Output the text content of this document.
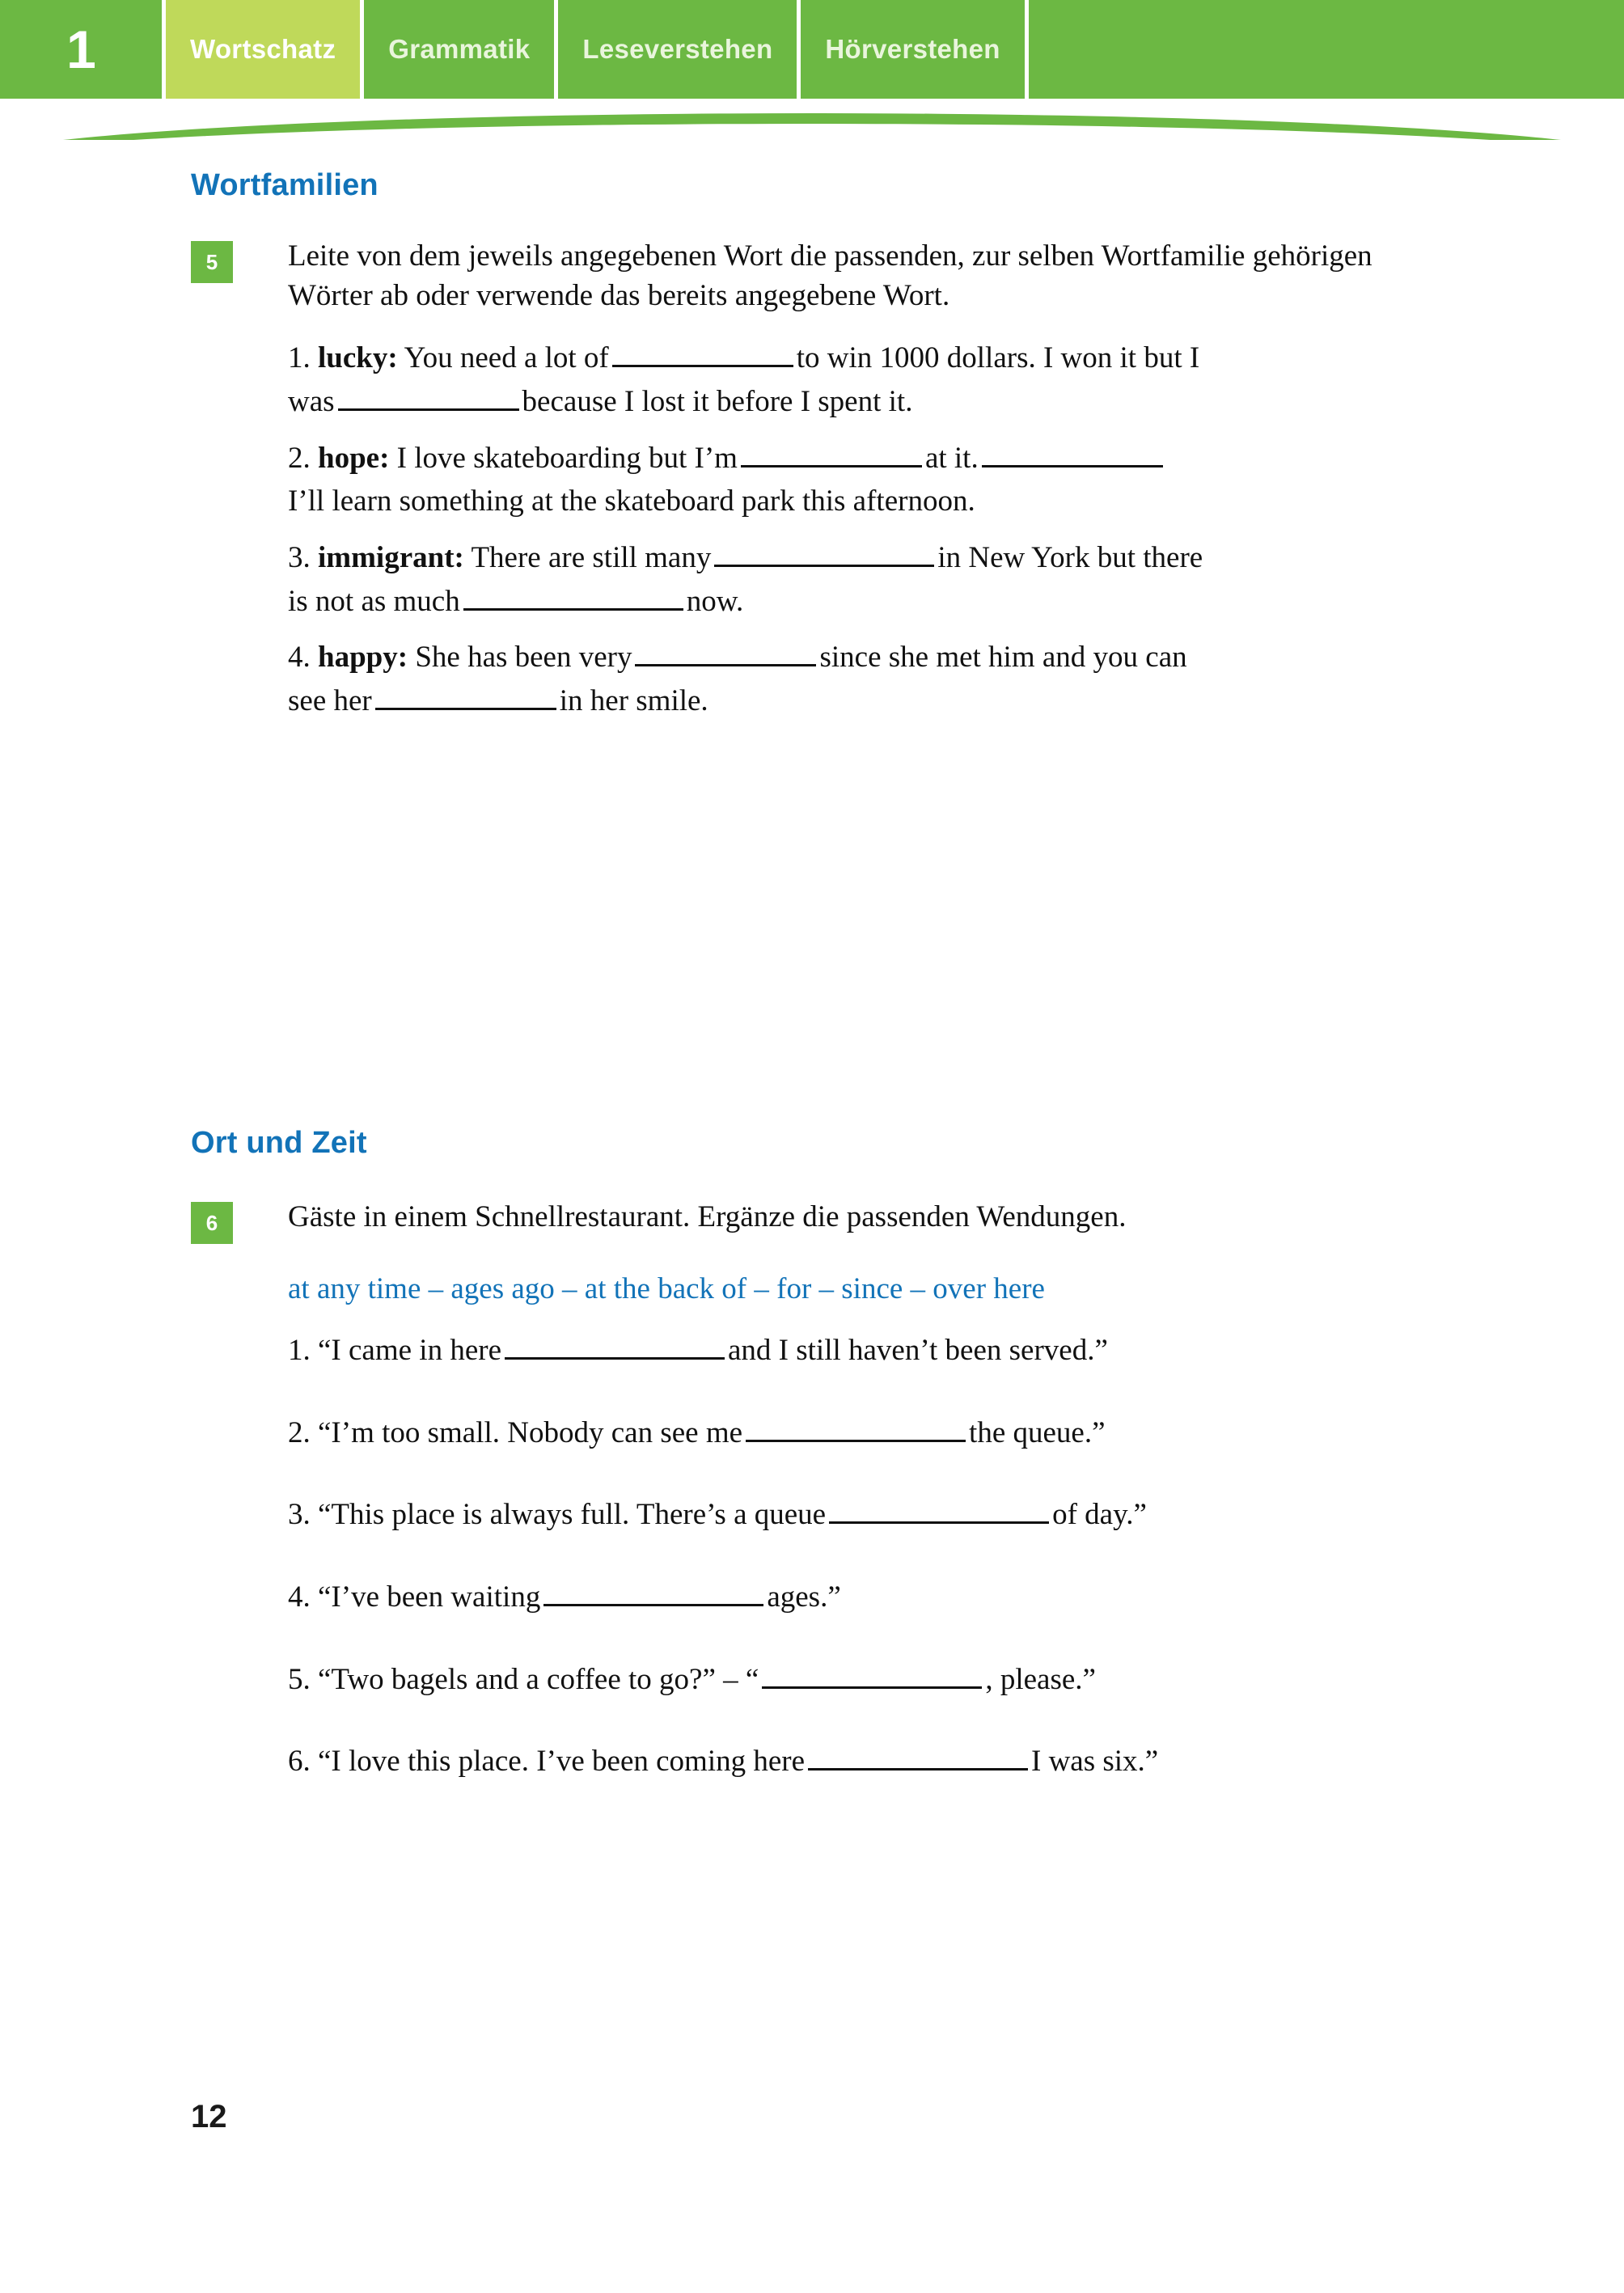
1	Wortschatz Grammatik Leseverstehen Hörverstehen
Wortfamilien
5	Leite von dem jeweils angegebenen Wort die passenden, zur selben Wortfamilie gehörigen Wörter ab oder verwende das bereits angegebene Wort.
1. lucky: You need a lot of	to win 1000 dollars. I won it but I
was	because I lost it before I spent it.
2. hope: I love skateboarding but I’m	at it.
I’ll learn something at the skateboard park this afternoon.
3. immigrant: There are still many	in New York but there
is not as much	now.
4. happy: She has been very	since she met him and you can
see her	in her smile.
Ort und Zeit
6	Gäste in einem Schnellrestaurant. Ergänze die passenden Wendungen.
at any time – ages ago – at the back of – for – since – over here
1. “I came in here	and I still haven’t been served.”
2. “I’m too small. Nobody can see me	the queue.”
3. “This place is always full. There’s a queue	of day.”
4. “I’ve been waiting	ages.”
5. “Two bagels and a coffee to go?” – “	, please.”
6. “I love this place. I’ve been coming here	I was six.”
12
